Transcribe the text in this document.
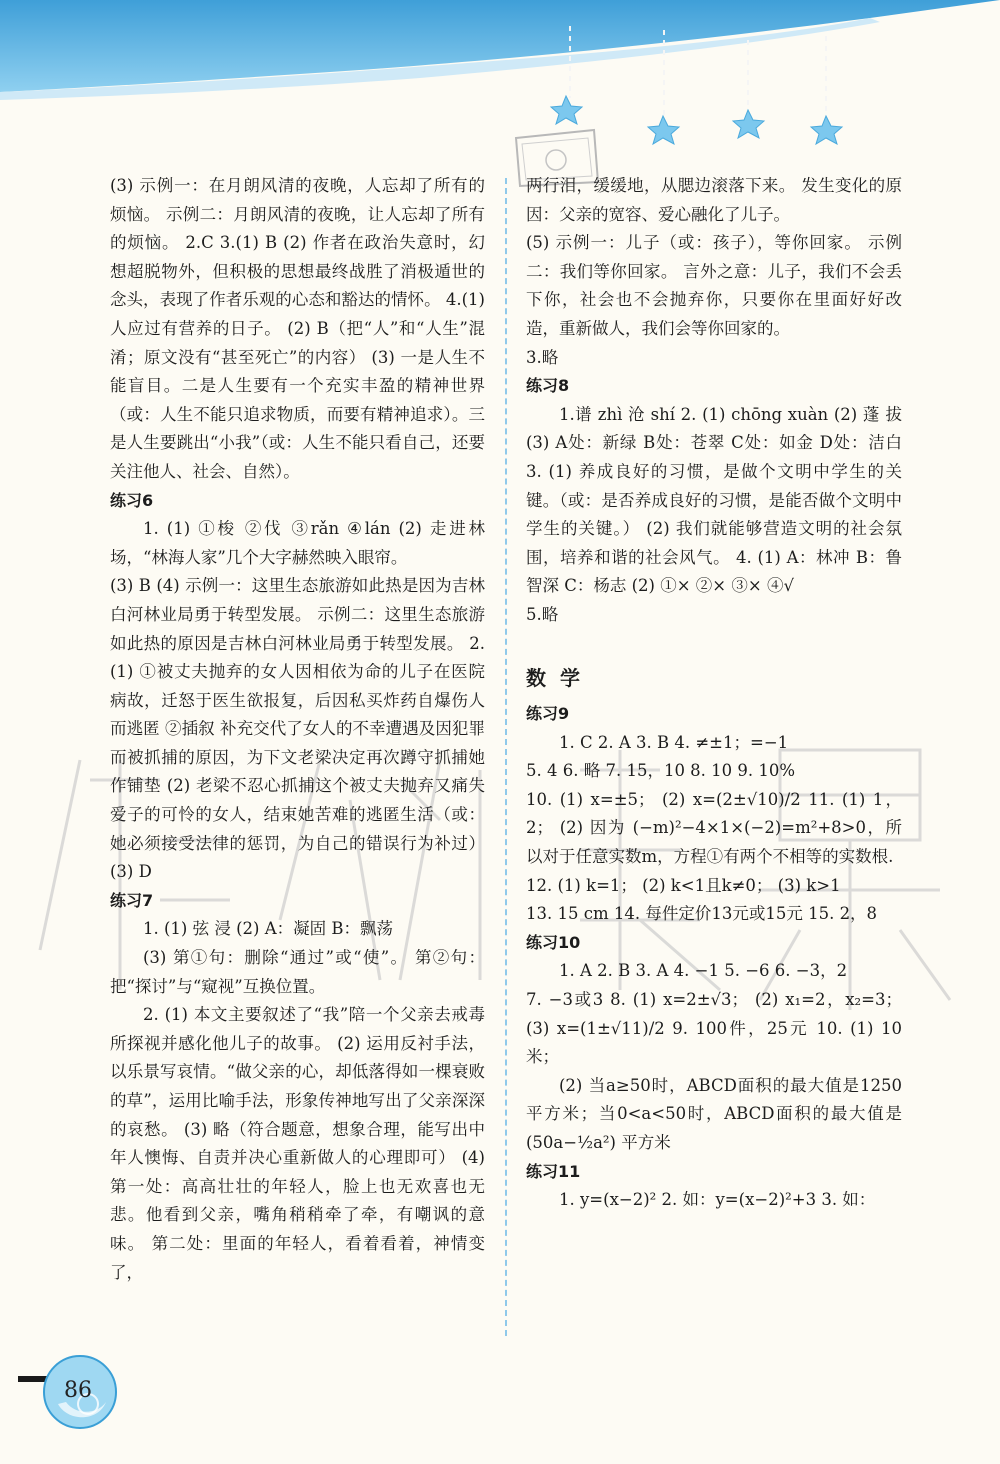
(3) 示例一：在月朗风清的夜晚，人忘却了所有的烦恼。 示例二：月朗风清的夜晚，让人忘却了所有的烦恼。 2.C 3.(1) B (2) 作者在政治失意时，幻想超脱物外，但积极的思想最终战胜了消极遁世的念头，表现了作者乐观的心态和豁达的情怀。 4.(1) 人应过有营养的日子。 (2) B（把“人”和“人生”混淆；原文没有“甚至死亡”的内容） (3) 一是人生不能盲目。二是人生要有一个充实丰盈的精神世界（或：人生不能只追求物质，而要有精神追求）。三是人生要跳出“小我”（或：人生不能只看自己，还要关注他人、社会、自然）。

练习6

1. (1) ①梭 ②伐 ③rǎn ④lán (2) 走进林场，“林海人家”几个大字赫然映入眼帘。

(3) B (4) 示例一：这里生态旅游如此热是因为吉林白河林业局勇于转型发展。 示例二：这里生态旅游如此热的原因是吉林白河林业局勇于转型发展。 2. (1) ①被丈夫抛弃的女人因相依为命的儿子在医院病故，迁怒于医生欲报复，后因私买炸药自爆伤人而逃匿 ②插叙 补充交代了女人的不幸遭遇及因犯罪而被抓捕的原因，为下文老梁决定再次蹲守抓捕她作铺垫 (2) 老梁不忍心抓捕这个被丈夫抛弃又痛失爱子的可怜的女人，结束她苦难的逃匿生活（或：她必须接受法律的惩罚，为自己的错误行为补过） (3) D

练习7

1. (1) 弦 浸 (2) A：凝固 B：飘荡

(3) 第①句：删除“通过”或“使”。 第②句：把“探讨”与“窥视”互换位置。

2. (1) 本文主要叙述了“我”陪一个父亲去戒毒所探视并感化他儿子的故事。 (2) 运用反衬手法，以乐景写哀情。“做父亲的心，却低落得如一棵衰败的草”，运用比喻手法，形象传神地写出了父亲深深的哀愁。 (3) 略（符合题意，想象合理，能写出中年人懊悔、自责并决心重新做人的心理即可） (4) 第一处：高高壮壮的年轻人，脸上也无欢喜也无悲。他看到父亲，嘴角稍稍牵了牵，有嘲讽的意味。 第二处：里面的年轻人，看着看着，神情变了，

两行泪，缓缓地，从腮边滚落下来。 发生变化的原因：父亲的宽容、爱心融化了儿子。

(5) 示例一：儿子（或：孩子），等你回家。 示例二：我们等你回家。 言外之意：儿子，我们不会丢下你，社会也不会抛弃你，只要你在里面好好改造，重新做人，我们会等你回家的。

3.略

练习8

1.谱 zhì 沧 shí 2. (1) chōng xuàn (2) 蓬 拔 (3) A处：新绿 B处：苍翠 C处：如金 D处：洁白 3. (1) 养成良好的习惯，是做个文明中学生的关键。（或：是否养成良好的习惯，是能否做个文明中学生的关键。） (2) 我们就能够营造文明的社会氛围，培养和谐的社会风气。 4. (1) A：林冲 B：鲁智深 C：杨志 (2) ①× ②× ③× ④√

5.略

数学

练习9

1. C 2. A 3. B 4. ≠±1；=−1

5. 4 6. 略 7. 15，10 8. 10 9. 10%

10. (1) x=±5； (2) x=(2±√10)/2 11. (1) 1，2； (2) 因为 (−m)²−4×1×(−2)=m²+8>0，所以对于任意实数m，方程①有两个不相等的实数根.

12. (1) k=1； (2) k<1且k≠0； (3) k>1

13. 15 cm 14. 每件定价13元或15元 15. 2，8

练习10

1. A 2. B 3. A 4. −1 5. −6 6. −3，2

7. −3或3 8. (1) x=2±√3； (2) x₁=2，x₂=3； (3) x=(1±√11)/2 9. 100件，25元 10. (1) 10米；

(2) 当a≥50时，ABCD面积的最大值是1250平方米；当0<a<50时，ABCD面积的最大值是(50a−½a²) 平方米

练习11

1. y=(x−2)² 2. 如：y=(x−2)²+3 3. 如：

86
